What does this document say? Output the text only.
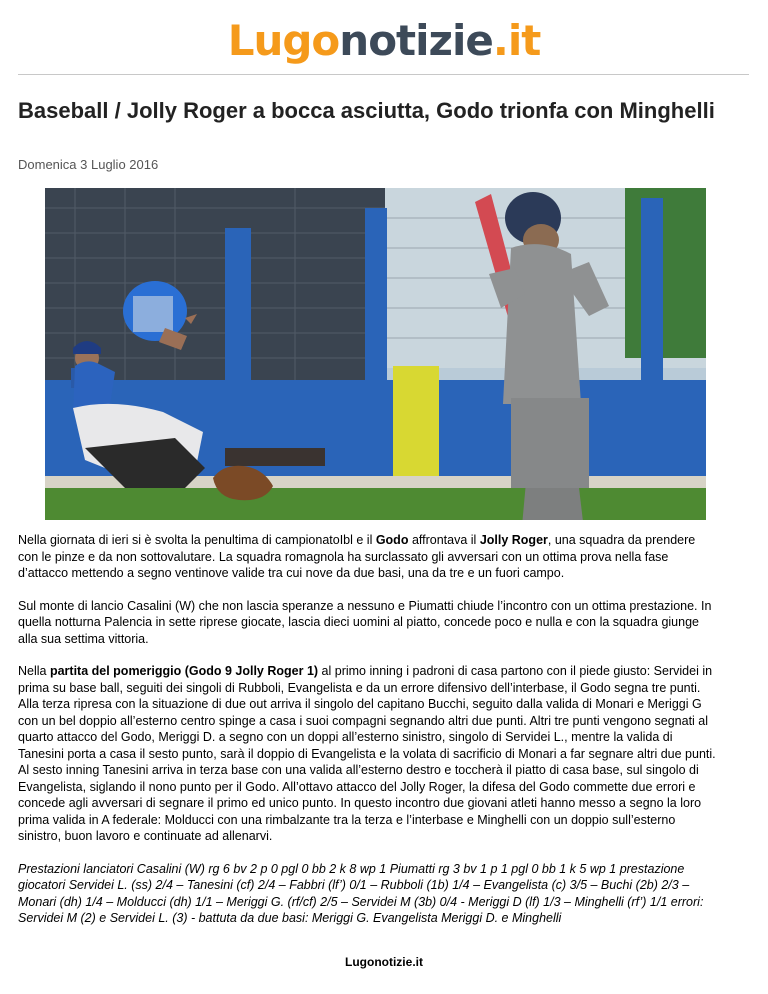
Lugonotizie.it
Baseball / Jolly Roger a bocca asciutta, Godo trionfa con Minghelli
Domenica 3 Luglio 2016

Nella giornata di ieri si è svolta la penultima di campionatoIbl e il Godo affrontava il Jolly Roger, una squadra da prendere con le pinze e da non sottovalutare. La squadra romagnola ha surclassato gli avversari con un ottima prova nella fase d’attacco mettendo a segno ventinove valide tra cui nove da due basi, una da tre e un fuori campo.

Sul monte di lancio Casalini (W) che non lascia speranze a nessuno e Piumatti chiude l’incontro con un ottima prestazione. In quella notturna Palencia in sette riprese giocate, lascia dieci uomini al piatto, concede poco e nulla e con la squadra giunge alla sua settima vittoria.

Nella partita del pomeriggio (Godo 9 Jolly Roger 1) al primo inning i padroni di casa partono con il piede giusto: Servidei in prima su base ball, seguiti dei singoli di Rubboli, Evangelista e da un errore difensivo dell’interbase, il Godo segna tre punti. Alla terza ripresa con la situazione di due out arriva il singolo del capitano Bucchi, seguito dalla valida di Monari e Meriggi G con un bel doppio all’esterno centro spinge a casa i suoi compagni segnando altri due punti. Altri tre punti vengono segnati al quarto attacco del Godo, Meriggi D. a segno con un doppi all’esterno sinistro, singolo di Servidei L., mentre la valida di Tanesini porta a casa il sesto punto, sarà il doppio di Evangelista e la volata di sacrificio di Monari a far segnare altri due punti. Al sesto inning Tanesini arriva in terza base con una valida all’esterno destro e toccherà il piatto di casa base, sul singolo di Evangelista, siglando il nono punto per il Godo. All’ottavo attacco del Jolly Roger, la difesa del Godo commette due errori e concede agli avversari di segnare il primo ed unico punto. In questo incontro due giovani atleti hanno messo a segno la loro prima valida in A federale: Molducci con una rimbalzante tra la terza e l’interbase e Minghelli con un doppio sull’esterno sinistro, buon lavoro e continuate ad allenarvi.

Prestazioni lanciatori Casalini (W) rg 6 bv 2 p 0 pgl 0 bb 2 k 8 wp 1 Piumatti rg 3 bv 1 p 1 pgl 0 bb 1 k 5 wp 1 prestazione giocatori Servidei L. (ss) 2/4 – Tanesini (cf) 2/4 – Fabbri (lf’) 0/1 – Rubboli (1b) 1/4 – Evangelista (c) 3/5 – Buchi (2b) 2/3 – Monari (dh) 1/4 – Molducci (dh) 1/1 – Meriggi G. (rf/cf) 2/5 – Servidei M (3b) 0/4 - Meriggi D (lf) 1/3 – Minghelli (rf’) 1/1 errori: Servidei M (2) e Servidei L. (3) - battuta da due basi: Meriggi G. Evangelista Meriggi D. e Minghelli

Lugonotizie.it
